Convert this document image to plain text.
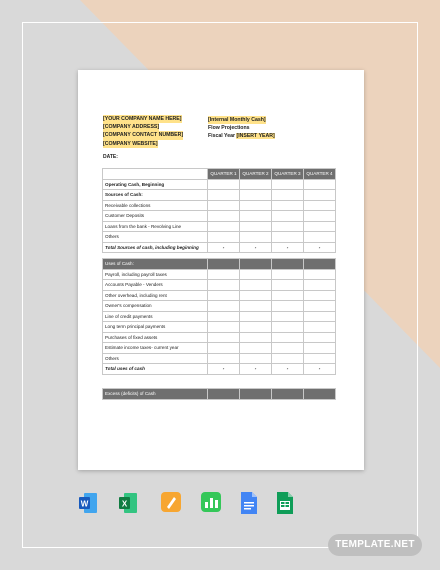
[YOUR COMPANY NAME HERE]
[COMPANY ADDRESS]
[COMPANY CONTACT NUMBER]
[COMPANY WEBSITE]
[Internal Monthly Cash]
Flow Projections
Fiscal Year [INSERT YEAR]
DATE:
	QUARTER 1	QUARTER 2	QUARTER 3	QUARTER 4
Operating Cash, Beginning				
Sources of Cash:				
Receivable collections				
Customer Deposits				
Loans from the bank - Revolving Line				
Others				
Total Sources of cash, including beginning	-	-	-	-
Uses of Cash:				
Payroll, including payroll taxes				
Accounts Payable - Venders				
Other overhead, including rent				
Owner's compensation				
Line of credit payments				
Long term principal payments				
Purchases of fixed assets				
Estimate income taxes- current year				
Others				
Total uses of cash	-	-	-	-
Excess (deficits) of Cash				
W	X
TEMPLATE.NET
